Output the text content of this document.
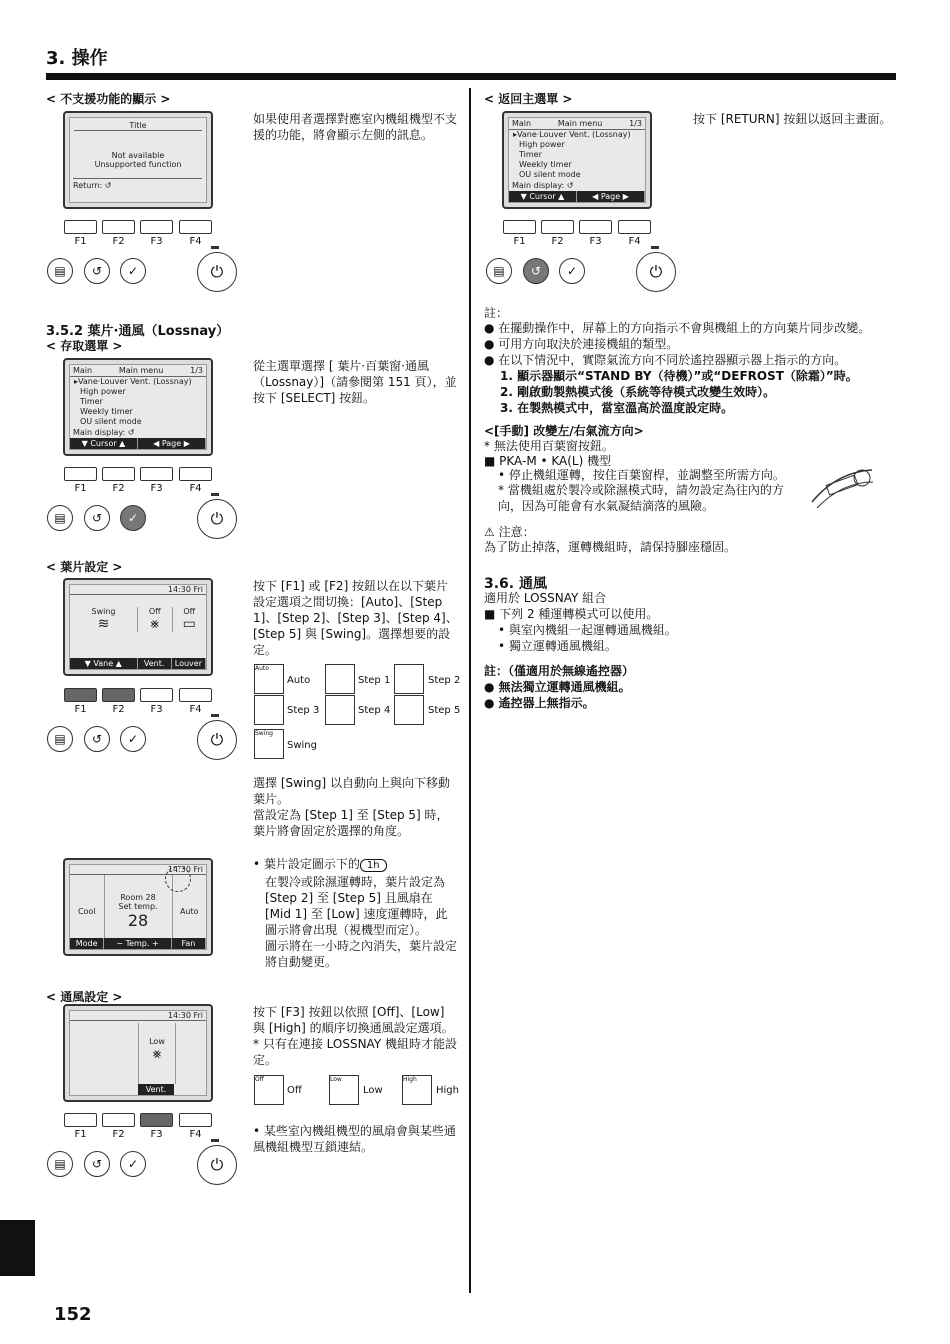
3. 操作
152
< 不支援功能的顯示 >
Title
Not available
Unsupported function
Return: ↺
如果使用者選擇對應室內機組機型不支援的功能，將會顯示左側的訊息。
F1	F2	F3	F4
▤	↺	✓	⏻
3.5.2 葉片·通風（Lossnay）
< 存取選單 >
Main	Main menu	1/3
▸Vane·Louver Vent. (Lossnay)
High power
Timer
Weekly timer
OU silent mode
Main display: ↺
▼ Cursor ▲	◀ Page ▶
從主選單選擇 [ 葉片·百葉窗·通風（Lossnay）]（請參閱第 151 頁），並按下 [SELECT] 按鈕。
F1	F2	F3	F4
▤	↺	✓	⏻
< 葉片設定 >
14:30 Fri
Swing
≋
Off
⨳
Off
▭
▼ Vane ▲	Vent.	Louver
按下 [F1] 或 [F2] 按鈕以在以下葉片設定選項之間切換：[Auto]、[Step 1]、[Step 2]、[Step 3]、[Step 4]、[Step 5] 與 [Swing]。選擇想要的設定。
Auto
Auto	Step 1	Step 2
Step 3	Step 4	Step 5
Swing
Swing
選擇 [Swing] 以自動向上與向下移動葉片。
當設定為 [Step 1] 至 [Step 5] 時，葉片將會固定於選擇的角度。
F1	F2	F3	F4
▤	↺	✓	⏻
14:30 Fri
Cool
Room 28
Set temp.
28	Auto
Mode	− Temp. +	Fan
• 葉片設定圖示下的 1h
在製冷或除濕運轉時，葉片設定為 [Step 2] 至 [Step 5] 且風扇在 [Mid 1] 至 [Low] 速度運轉時，此圖示將會出現（視機型而定）。
圖示將在一小時之內消失，葉片設定將自動變更。
< 通風設定 >
14:30 Fri
Low
⨳
Vent.
按下 [F3] 按鈕以依照 [Off]、[Low] 與 [High] 的順序切換通風設定選項。
* 只有在連接 LOSSNAY 機組時才能設定。
Off
Off
Low
Low
High
High
• 某些室內機組機型的風扇會與某些通風機組機型互鎖連結。
F1	F2	F3	F4
▤	↺	✓	⏻
< 返回主選單 >
Main	Main menu	1/3
▸Vane·Louver Vent. (Lossnay)
High power
Timer
Weekly timer
OU silent mode
Main display: ↺
▼ Cursor ▲	◀ Page ▶
按下 [RETURN] 按鈕以返回主畫面。
F1	F2	F3	F4
▤	↺	✓	⏻
註：
● 在擺動操作中，屏幕上的方向指示不會與機組上的方向葉片同步改變。
● 可用方向取決於連接機組的類型。
● 在以下情況中，實際氣流方向不同於遙控器顯示器上指示的方向。
1. 顯示器顯示“STAND BY（待機）”或“DEFROST（除霜）”時。
2. 剛啟動製熱模式後（系統等待模式改變生效時）。
3. 在製熱模式中，當室溫高於溫度設定時。
<[手動] 改變左/右氣流方向>
* 無法使用百葉窗按鈕。
■ PKA-M • KA(L) 機型
• 停止機組運轉，按住百葉窗桿，並調整至所需方向。
* 當機組處於製冷或除濕模式時，請勿設定為往內的方向，因為可能會有水氣凝結滴落的風險。
⚠ 注意：
為了防止掉落，運轉機組時，請保持腳座穩固。
3.6. 通風
適用於 LOSSNAY 組合
■ 下列 2 種運轉模式可以使用。
• 與室內機組一起運轉通風機組。
• 獨立運轉通風機組。
註：（僅適用於無線遙控器）
● 無法獨立運轉通風機組。
● 遙控器上無指示。
